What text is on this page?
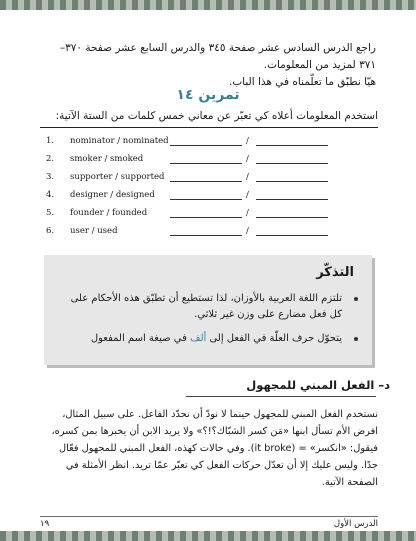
راجع الدرس السادس عشر صفحة ٣٤٥ والدرس السابع عشر صفحة ٣٧٠–٣٧١ لمزيد من المعلومات.
هيّا نطبّق ما تعلّمناه في هذا الباب.
تمرين ١٤
استخدم المعلومات أعلاه كي تعبّر عن معاني خمس كلمات من الستة الآتية:
1. nominator / nominated	/
2. smoker / smoked	/
3. supporter / supported	/
4. designer / designed	/
5. founder / founded	/
6. user / used	/
التذكّر
تلتزم اللغة العربية بالأوزان، لذا تستطيع أن تطبّق هذه الأحكام على كل فعل مضارع على وزن غير ثلاثي.
يتحوّل حرف العلّة في الفعل إلى ألف في صيغة اسم المفعول
د– الفعل المبني للمجهول
نستخدم الفعل المبني للمجهول حينما لا نودّ أن نحدّد الفاعل. على سبيل المثال، افرض الأم تسأل ابنها «مَن كسر الشبّاك؟!؟» ولا يريد الابن أن يخبرها بمن كسره، فيقول: «انكسر» = (it broke). وفي حالات كهذه، الفعل المبني للمجهول فعّال جدًا. وليس عليك إلا أن تعدّل حركات الفعل كي تعبّر عمّا تريد. انظر الأمثلة في الصفحة الآتية.
١٩	الدرس الأول
